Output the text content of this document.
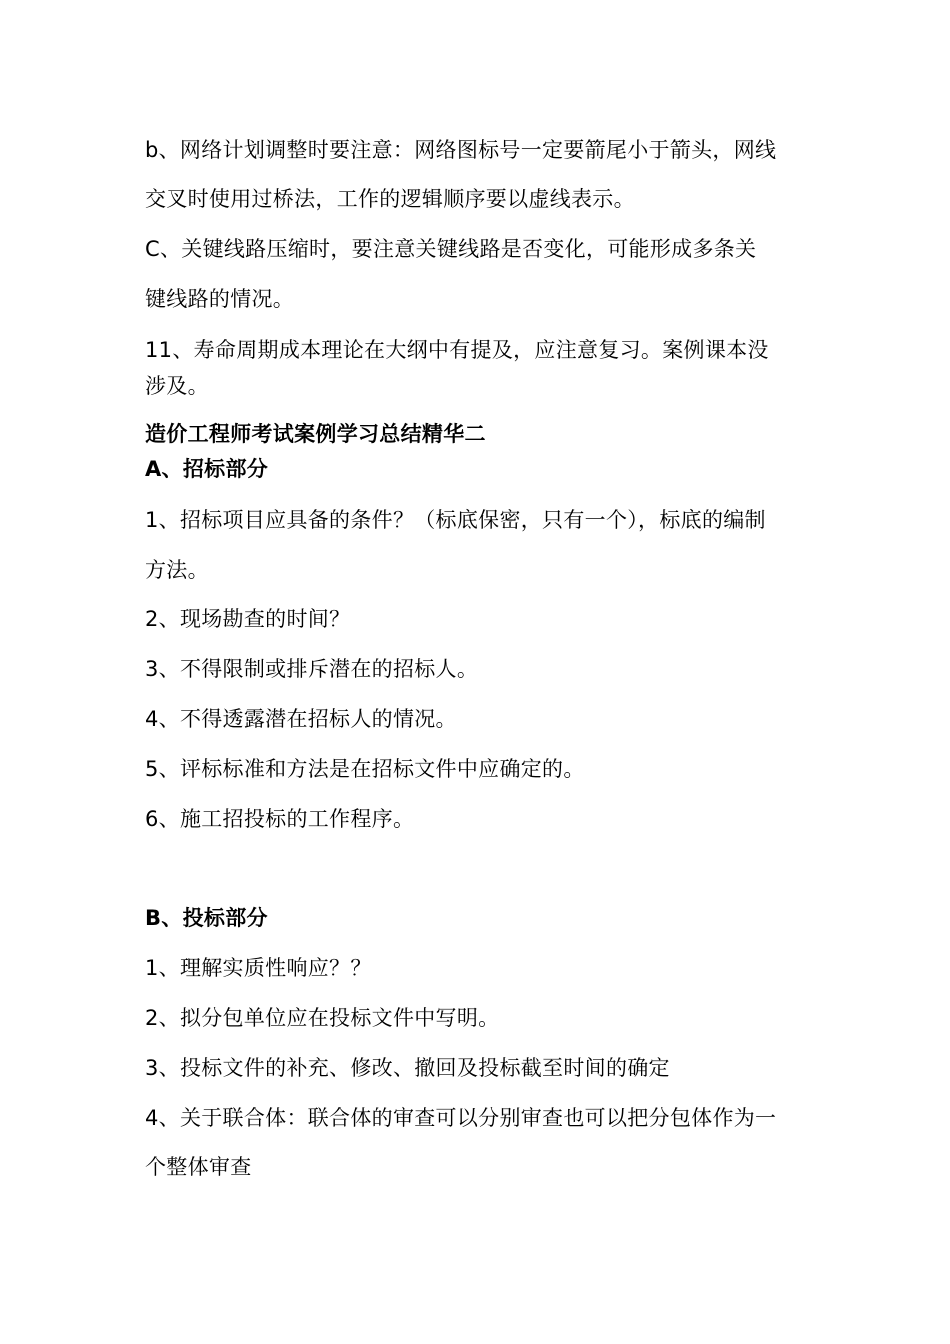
b、网络计划调整时要注意：网络图标号一定要箭尾小于箭头，网线
交叉时使用过桥法，工作的逻辑顺序要以虚线表示。
C、关键线路压缩时，要注意关键线路是否变化，可能形成多条关
键线路的情况。
11、寿命周期成本理论在大纲中有提及，应注意复习。案例课本没
涉及。
造价工程师考试案例学习总结精华二
A、招标部分
1、招标项目应具备的条件？（标底保密，只有一个），标底的编制
方法。
2、现场勘查的时间？
3、不得限制或排斥潜在的招标人。
4、不得透露潜在招标人的情况。
5、评标标准和方法是在招标文件中应确定的。
6、施工招投标的工作程序。
B、投标部分
1、理解实质性响应？？
2、拟分包单位应在投标文件中写明。
3、投标文件的补充、修改、撤回及投标截至时间的确定
4、关于联合体：联合体的审查可以分别审查也可以把分包体作为一
个整体审查
